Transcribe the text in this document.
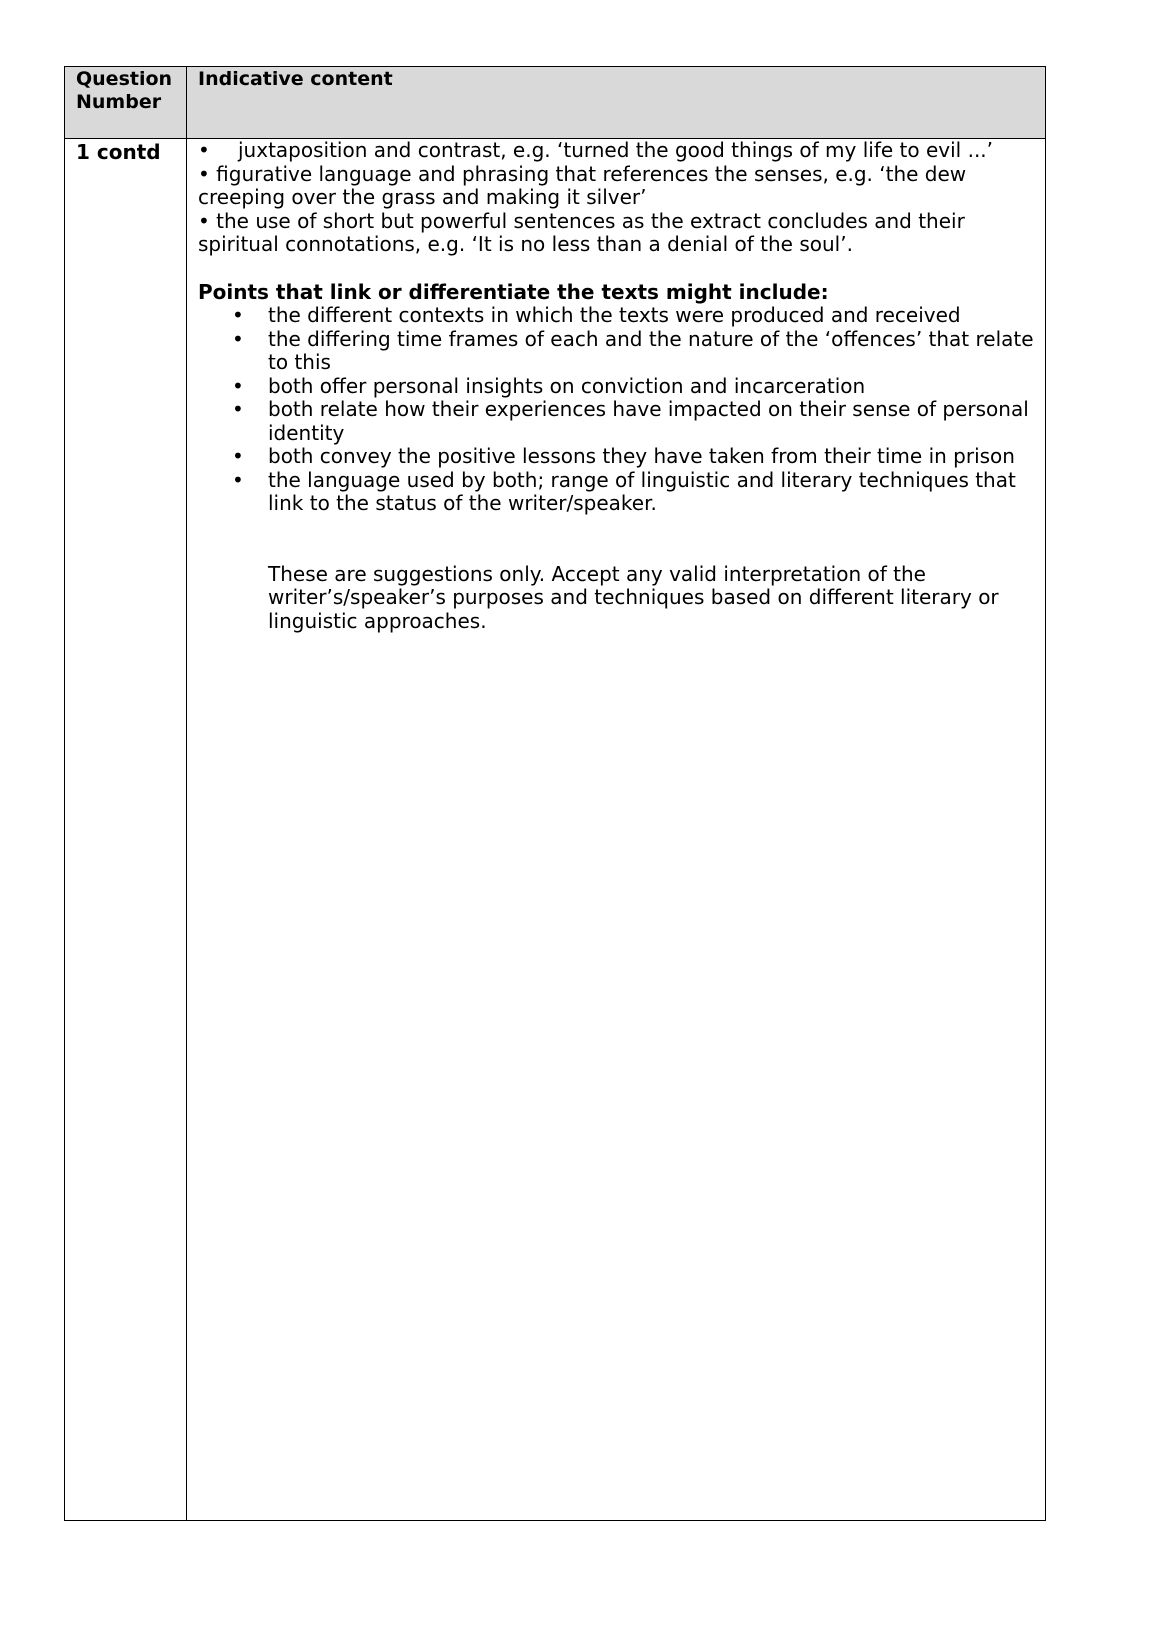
Question Number
Indicative content
1 contd • juxtaposition and contrast, e.g. ‘turned the good things of my life to evil ...’

• figurative language and phrasing that references the senses, e.g. ‘the dew creeping over the grass and making it silver’

• the use of short but powerful sentences as the extract concludes and their spiritual connotations, e.g. ‘It is no less than a denial of the soul’.

Points that link or differentiate the texts might include:

• the different contexts in which the texts were produced and received
• the differing time frames of each and the nature of the ‘offences’ that relate to this
• both offer personal insights on conviction and incarceration
• both relate how their experiences have impacted on their sense of personal identity
• both convey the positive lessons they have taken from their time in prison
• the language used by both; range of linguistic and literary techniques that link to the status of the writer/speaker.

These are suggestions only. Accept any valid interpretation of the writer’s/speaker’s purposes and techniques based on different literary or linguistic approaches.
